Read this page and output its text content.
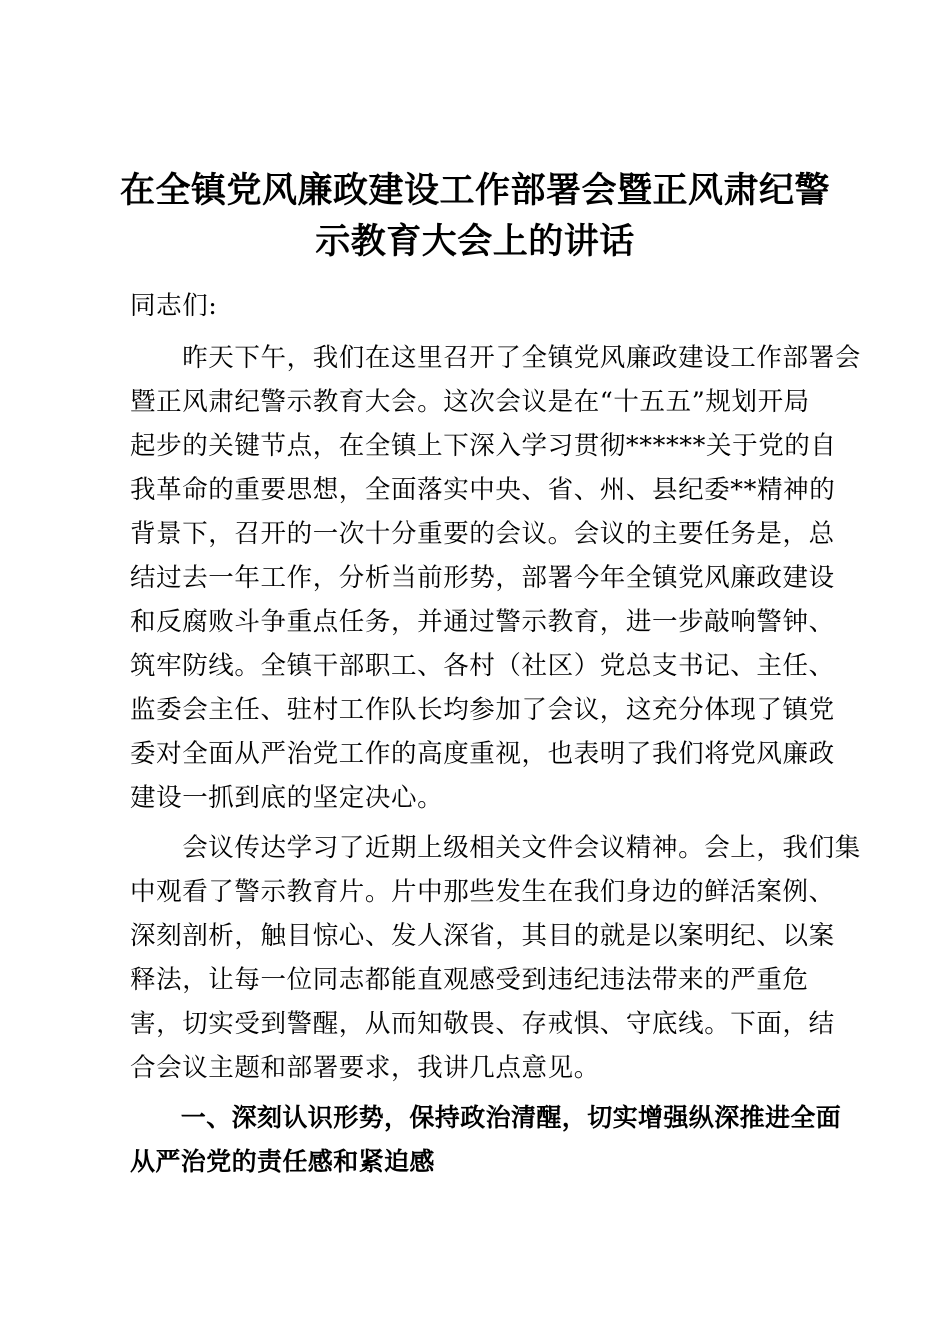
在全镇党风廉政建设工作部署会暨正风肃纪警
示教育大会上的讲话

同志们:

　　昨天下午，我们在这里召开了全镇党风廉政建设工作部署会
暨正风肃纪警示教育大会。这次会议是在“十五五”规划开局
起步的关键节点，在全镇上下深入学习贯彻******关于党的自
我革命的重要思想，全面落实中央、省、州、县纪委**精神的
背景下，召开的一次十分重要的会议。会议的主要任务是，总
结过去一年工作，分析当前形势，部署今年全镇党风廉政建设
和反腐败斗争重点任务，并通过警示教育，进一步敲响警钟、
筑牢防线。全镇干部职工、各村（社区）党总支书记、主任、
监委会主任、驻村工作队长均参加了会议，这充分体现了镇党
委对全面从严治党工作的高度重视，也表明了我们将党风廉政
建设一抓到底的坚定决心。

　　会议传达学习了近期上级相关文件会议精神。会上，我们集
中观看了警示教育片。片中那些发生在我们身边的鲜活案例、
深刻剖析，触目惊心、发人深省，其目的就是以案明纪、以案
释法，让每一位同志都能直观感受到违纪违法带来的严重危
害，切实受到警醒，从而知敬畏、存戒惧、守底线。下面，结
合会议主题和部署要求，我讲几点意见。

　　一、深刻认识形势，保持政治清醒，切实增强纵深推进全面
从严治党的责任感和紧迫感
